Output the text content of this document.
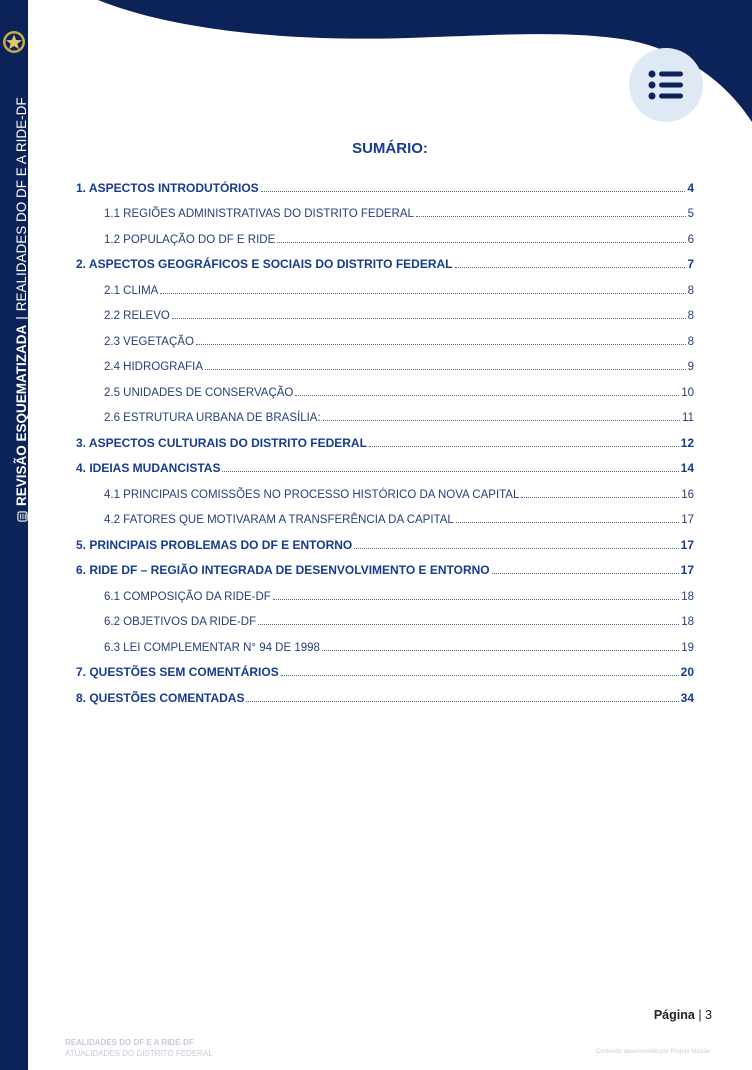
REVISÃO ESQUEMATIZADA
|
REALIDADES DO DF E A RIDE-DF	SUMÁRIO:
1. ASPECTOS INTRODUTÓRIOS	4
1.1 REGIÕES ADMINISTRATIVAS DO DISTRITO FEDERAL	5
1.2 POPULAÇÃO DO DF E RIDE	6
2. ASPECTOS GEOGRÁFICOS E SOCIAIS DO DISTRITO FEDERAL	7
2.1 CLIMA	8
2.2 RELEVO	8
2.3 VEGETAÇÃO	8
2.4 HIDROGRAFIA	9
2.5 UNIDADES DE CONSERVAÇÃO	10
2.6 ESTRUTURA URBANA DE BRASÍLIA:	11
3. ASPECTOS CULTURAIS DO DISTRITO FEDERAL	12
4. IDEIAS MUDANCISTAS	14
4.1 PRINCIPAIS COMISSÕES NO PROCESSO HISTÓRICO DA NOVA CAPITAL	16
4.2 FATORES QUE MOTIVARAM A TRANSFERÊNCIA DA CAPITAL	17
5. PRINCIPAIS PROBLEMAS DO DF E ENTORNO	17
6. RIDE DF – REGIÃO INTEGRADA DE DESENVOLVIMENTO E ENTORNO	17
6.1 COMPOSIÇÃO DA RIDE-DF	18
6.2 OBJETIVOS DA RIDE-DF	18
6.3 LEI COMPLEMENTAR N° 94 DE 1998	19
7. QUESTÕES SEM COMENTÁRIOS	20
8. QUESTÕES COMENTADAS	34
Página | 3
REALIDADES DO DF E A RIDE-DF
ATUALIDADES DO DISTRITO FEDERAL	Conteúdo desenvolvido por Projeto Missão.
